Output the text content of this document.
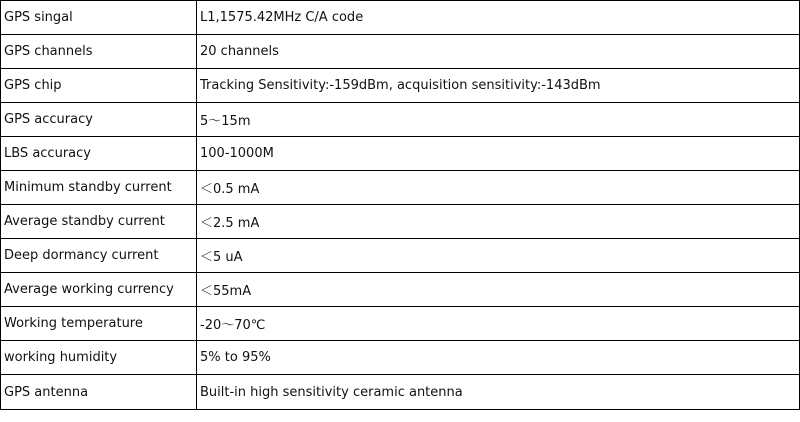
GPS singal	L1,1575.42MHz C/A code
GPS channels	20 channels
GPS chip	Tracking Sensitivity:-159dBm, acquisition sensitivity:-143dBm
GPS accuracy	5～15m
LBS accuracy	100-1000M
Minimum standby current	＜0.5 mA
Average standby current	＜2.5 mA
Deep dormancy current	＜5 uA
Average working currency	＜55mA
Working temperature	-20～70℃
working humidity	5% to 95%
GPS antenna	Built-in high sensitivity ceramic antenna
